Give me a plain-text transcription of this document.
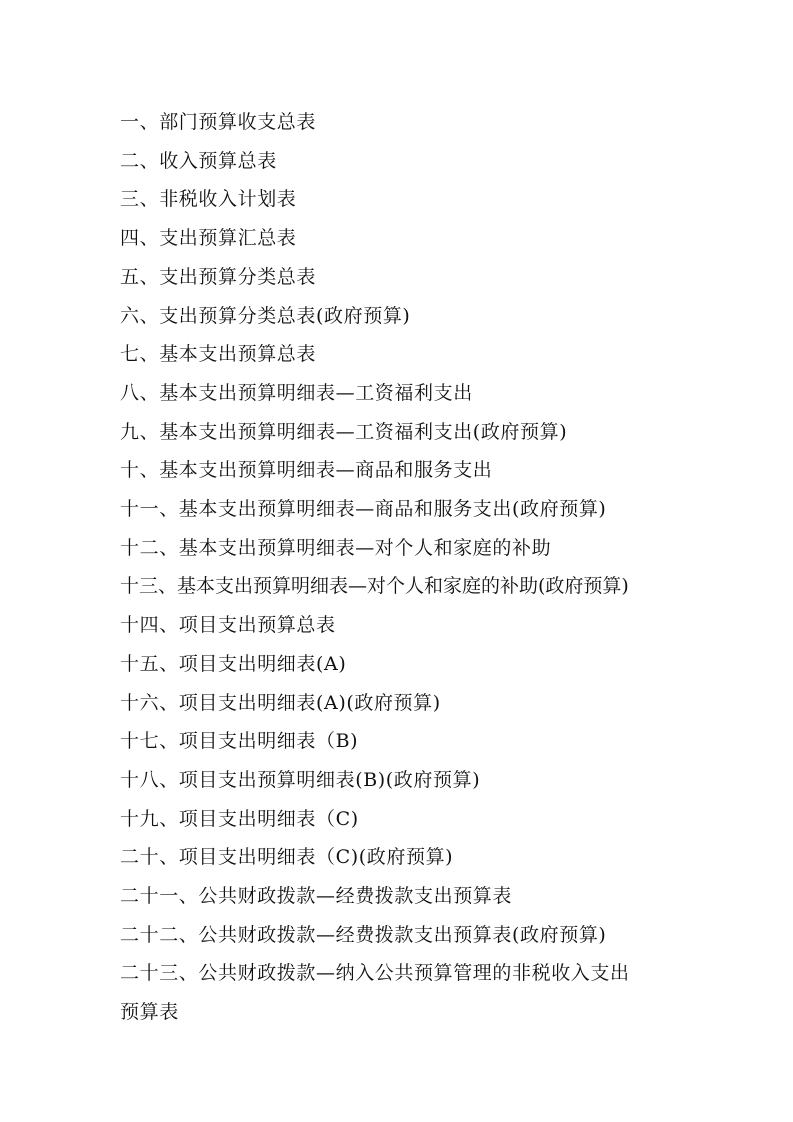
一、部门预算收支总表
二、收入预算总表
三、非税收入计划表
四、支出预算汇总表
五、支出预算分类总表
六、支出预算分类总表(政府预算)
七、基本支出预算总表
八、基本支出预算明细表—工资福利支出
九、基本支出预算明细表—工资福利支出(政府预算)
十、基本支出预算明细表—商品和服务支出
十一、基本支出预算明细表—商品和服务支出(政府预算)
十二、基本支出预算明细表—对个人和家庭的补助
十三、基本支出预算明细表—对个人和家庭的补助(政府预算)
十四、项目支出预算总表
十五、项目支出明细表(A)
十六、项目支出明细表(A)(政府预算)
十七、项目支出明细表（B)
十八、项目支出预算明细表(B)(政府预算)
十九、项目支出明细表（C)
二十、项目支出明细表（C)(政府预算)
二十一、公共财政拨款—经费拨款支出预算表
二十二、公共财政拨款—经费拨款支出预算表(政府预算)
二十三、公共财政拨款—纳入公共预算管理的非税收入支出
预算表
